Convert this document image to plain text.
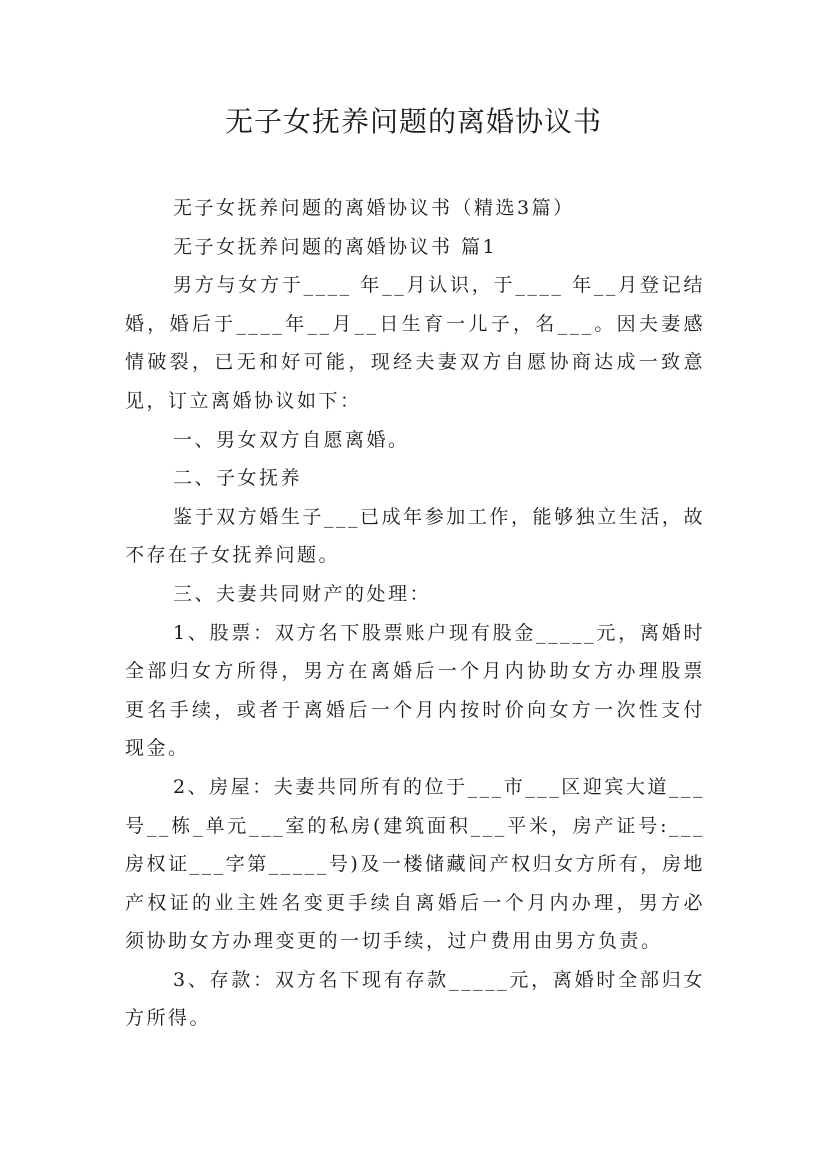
无子女抚养问题的离婚协议书

无子女抚养问题的离婚协议书（精选3篇）

无子女抚养问题的离婚协议书 篇1

男方与女方于____ 年__月认识，于____ 年__月登记结婚，婚后于____年__月__日生育一儿子，名___。因夫妻感情破裂，已无和好可能，现经夫妻双方自愿协商达成一致意见，订立离婚协议如下：

一、男女双方自愿离婚。

二、子女抚养

鉴于双方婚生子___已成年参加工作，能够独立生活，故不存在子女抚养问题。

三、夫妻共同财产的处理：

1、股票：双方名下股票账户现有股金_____元，离婚时全部归女方所得，男方在离婚后一个月内协助女方办理股票更名手续，或者于离婚后一个月内按时价向女方一次性支付现金。

2、房屋：夫妻共同所有的位于___市___区迎宾大道___号__栋_单元___室的私房(建筑面积___平米，房产证号:___房权证___字第_____号)及一楼储藏间产权归女方所有，房地产权证的业主姓名变更手续自离婚后一个月内办理，男方必须协助女方办理变更的一切手续，过户费用由男方负责。

3、存款：双方名下现有存款_____元，离婚时全部归女方所得。
